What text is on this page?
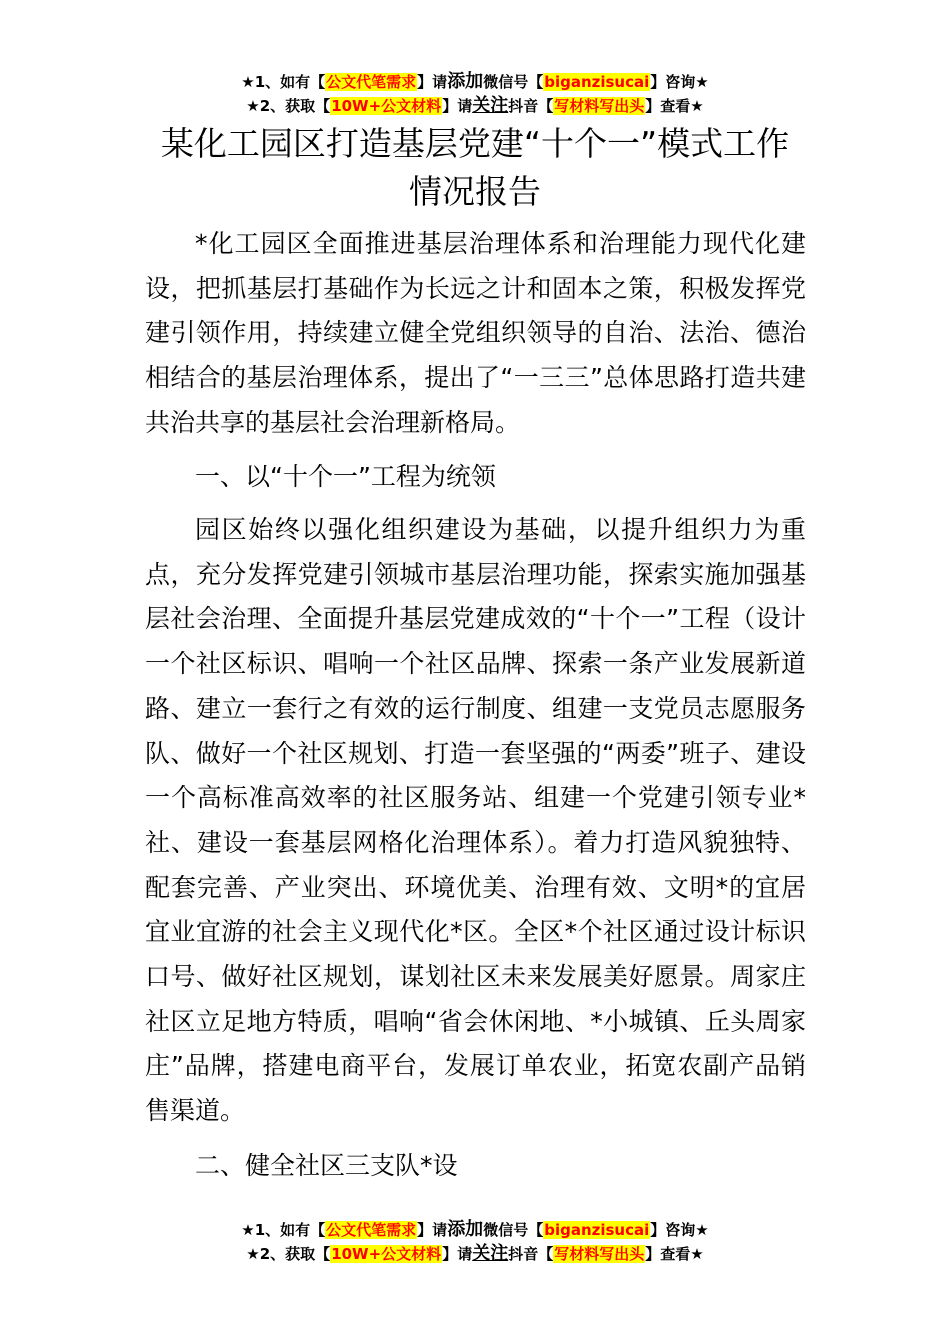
★1、如有【公文代笔需求】请添加微信号【biganzisucai】咨询★
★2、获取【10W+公文材料】请关注抖音【写材料写出头】查看★
某化工园区打造基层党建“十个一”模式工作情况报告

*化工园区全面推进基层治理体系和治理能力现代化建设，把抓基层打基础作为长远之计和固本之策，积极发挥党建引领作用，持续建立健全党组织领导的自治、法治、德治相结合的基层治理体系，提出了“一三三”总体思路打造共建共治共享的基层社会治理新格局。

一、以“十个一”工程为统领

园区始终以强化组织建设为基础，以提升组织力为重点，充分发挥党建引领城市基层治理功能，探索实施加强基层社会治理、全面提升基层党建成效的“十个一”工程（设计一个社区标识、唱响一个社区品牌、探索一条产业发展新道路、建立一套行之有效的运行制度、组建一支党员志愿服务队、做好一个社区规划、打造一套坚强的“两委”班子、建设一个高标准高效率的社区服务站、组建一个党建引领专业*社、建设一套基层网格化治理体系）。着力打造风貌独特、配套完善、产业突出、环境优美、治理有效、文明*的宜居宜业宜游的社会主义现代化*区。全区*个社区通过设计标识口号、做好社区规划，谋划社区未来发展美好愿景。周家庄社区立足地方特质，唱响“省会休闲地、*小城镇、丘头周家庄”品牌，搭建电商平台，发展订单农业，拓宽农副产品销售渠道。

二、健全社区三支队*设

★1、如有【公文代笔需求】请添加微信号【biganzisucai】咨询★
★2、获取【10W+公文材料】请关注抖音【写材料写出头】查看★
